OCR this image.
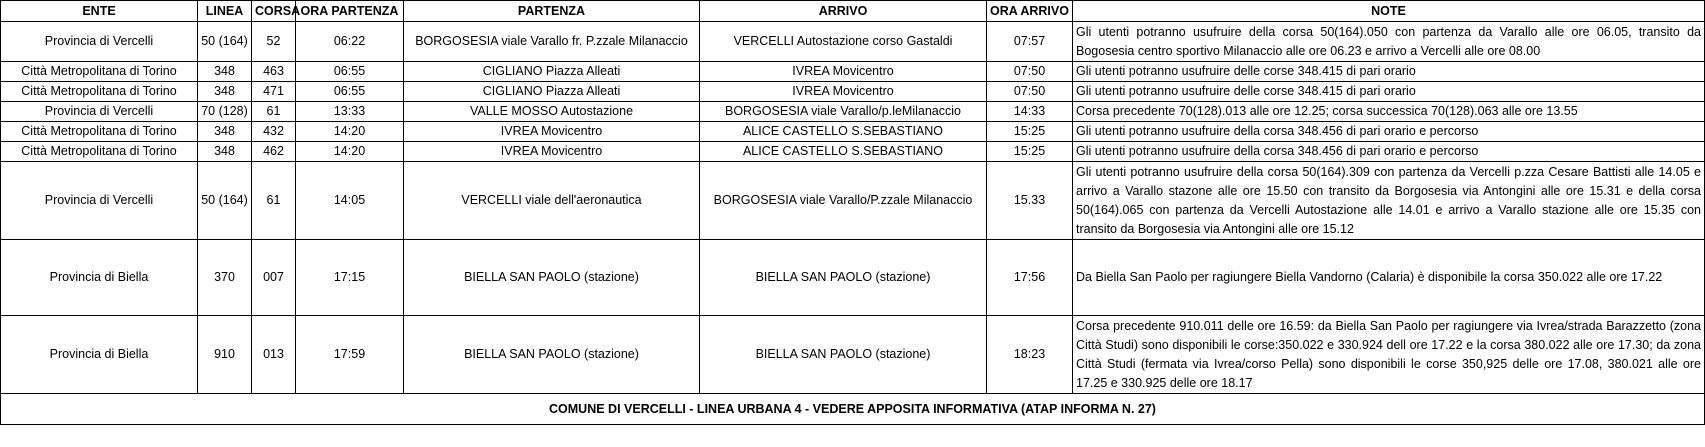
ENTE	LINEA	CORSA	ORA PARTENZA	PARTENZA	ARRIVO	ORA ARRIVO	NOTE
Provincia di Vercelli	50 (164)	52	06:22	BORGOSESIA viale Varallo fr. P.zzale Milanaccio	VERCELLI Autostazione corso Gastaldi	07:57	Gli utenti potranno usufruire della corsa 50(164).050 con partenza da Varallo alle ore 06.05, transito da Bogosesia centro sportivo Milanaccio alle ore 06.23 e arrivo a Vercelli alle ore 08.00
Città Metropolitana di Torino	348	463	06:55	CIGLIANO Piazza Alleati	IVREA Movicentro	07:50	Gli utenti potranno usufruire delle corse 348.415 di pari orario
Città Metropolitana di Torino	348	471	06:55	CIGLIANO Piazza Alleati	IVREA Movicentro	07:50	Gli utenti potranno usufruire delle corse 348.415 di pari orario
Provincia di Vercelli	70 (128)	61	13:33	VALLE MOSSO Autostazione	BORGOSESIA viale Varallo/p.leMilanaccio	14:33	Corsa precedente 70(128).013 alle ore 12.25; corsa successica 70(128).063 alle ore 13.55
Città Metropolitana di Torino	348	432	14:20	IVREA Movicentro	ALICE CASTELLO S.SEBASTIANO	15:25	Gli utenti potranno usufruire della corsa 348.456 di pari orario e percorso
Città Metropolitana di Torino	348	462	14:20	IVREA Movicentro	ALICE CASTELLO S.SEBASTIANO	15:25	Gli utenti potranno usufruire della corsa 348.456 di pari orario e percorso
Provincia di Vercelli	50 (164)	61	14:05	VERCELLI viale dell'aeronautica	BORGOSESIA viale Varallo/P.zzale Milanaccio	15.33	Gli utenti potranno usufruire della corsa 50(164).309 con partenza da Vercelli p.zza Cesare Battisti alle 14.05 e arrivo a Varallo stazone alle ore 15.50 con transito da Borgosesia via Antongini alle ore 15.31 e della corsa 50(164).065 con partenza da Vercelli Autostazione alle 14.01 e arrivo a Varallo stazione alle ore 15.35 con transito da Borgosesia via Antongini alle ore 15.12
Provincia di Biella	370	007	17:15	BIELLA SAN PAOLO (stazione)	BIELLA SAN PAOLO (stazione)	17:56	Da Biella San Paolo per ragiungere Biella Vandorno (Calaria) è disponibile la corsa 350.022 alle ore 17.22
Provincia di Biella	910	013	17:59	BIELLA SAN PAOLO (stazione)	BIELLA SAN PAOLO (stazione)	18:23	Corsa precedente 910.011 delle ore 16.59: da Biella San Paolo per ragiungere via Ivrea/strada Barazzetto (zona Città Studi) sono disponibili le corse:350.022 e 330.924 dell ore 17.22 e la corsa 380.022 alle ore 17.30; da zona Città Studi (fermata via Ivrea/corso Pella) sono disponibili le corse 350,925 delle ore 17.08, 380.021 alle ore 17.25 e 330.925 delle ore 18.17
COMUNE DI VERCELLI - LINEA URBANA 4 - VEDERE APPOSITA INFORMATIVA (ATAP INFORMA N. 27)							
